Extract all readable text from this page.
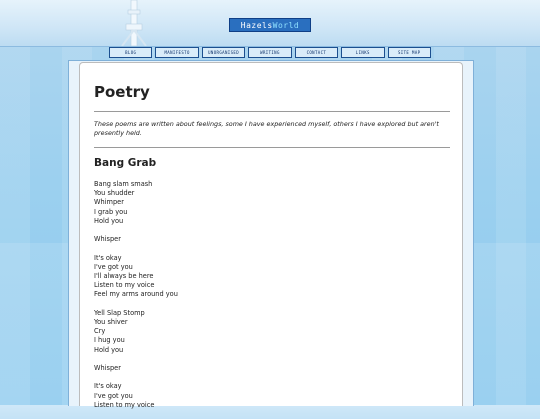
Hazels World
BLOG	MANIFESTO	UNORGANISED	WRITING	CONTACT	LINKS	SITE MAP
Poetry

These poems are written about feelings, some I have experienced myself, others I have explored but aren't presently held.

Bang Grab
Bang slam smash
You shudder
Whimper
I grab you
Hold you
Whisper
It's okay
I've got you
I'll always be here
Listen to my voice
Feel my arms around you
Yell Slap Stomp
You shiver
Cry
I hug you
Hold you
Whisper
It's okay
I've got you
Listen to my voice
